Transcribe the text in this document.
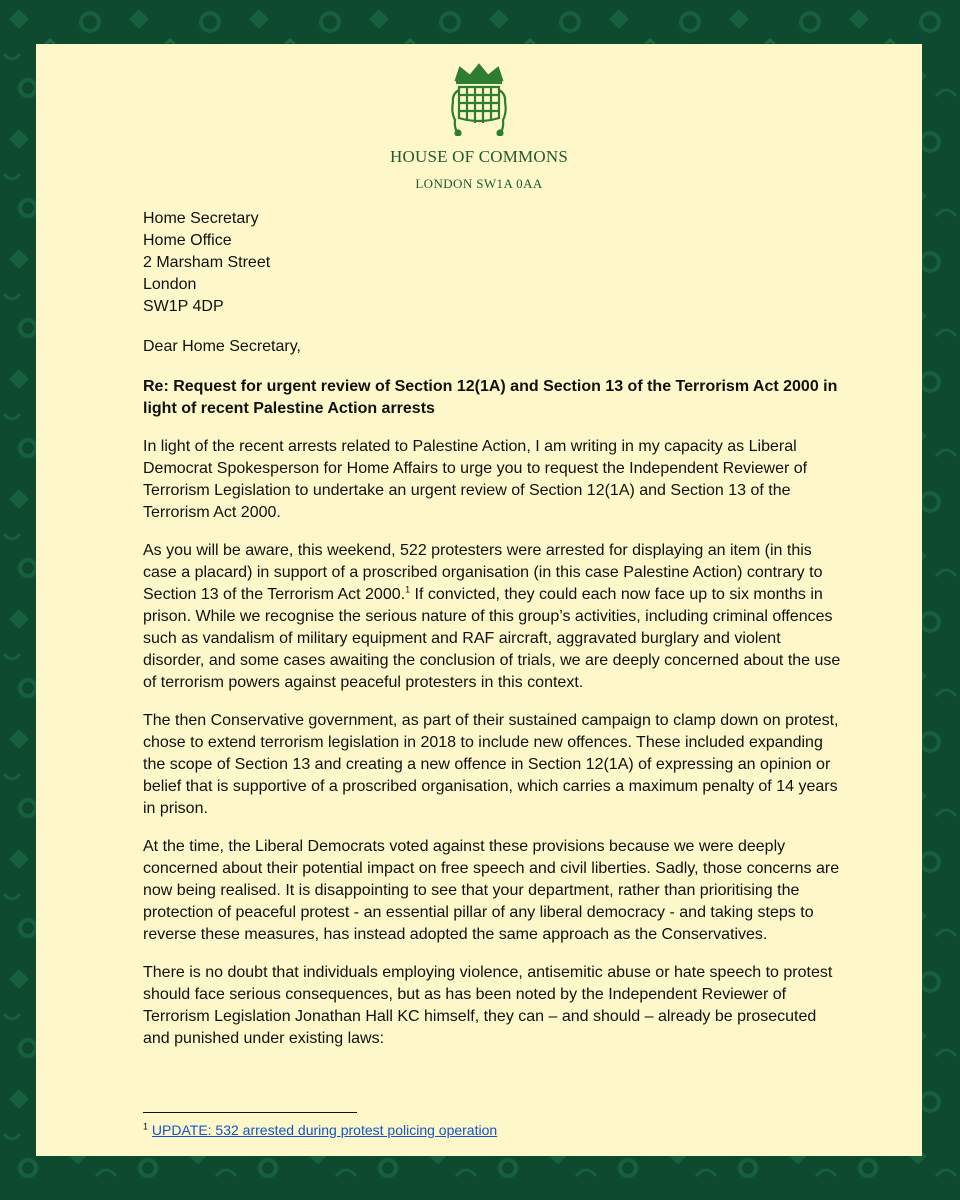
HOUSE OF COMMONS
LONDON SW1A 0AA
Home Secretary
Home Office
2 Marsham Street
London
SW1P 4DP
Dear Home Secretary,
Re: Request for urgent review of Section 12(1A) and Section 13 of the Terrorism Act 2000 in light of recent Palestine Action arrests
In light of the recent arrests related to Palestine Action, I am writing in my capacity as Liberal Democrat Spokesperson for Home Affairs to urge you to request the Independent Reviewer of Terrorism Legislation to undertake an urgent review of Section 12(1A) and Section 13 of the Terrorism Act 2000.
As you will be aware, this weekend, 522 protesters were arrested for displaying an item (in this case a placard) in support of a proscribed organisation (in this case Palestine Action) contrary to Section 13 of the Terrorism Act 2000.$^1$ If convicted, they could each now face up to six months in prison. While we recognise the serious nature of this group’s activities, including criminal offences such as vandalism of military equipment and RAF aircraft, aggravated burglary and violent disorder, and some cases awaiting the conclusion of trials, we are deeply concerned about the use of terrorism powers against peaceful protesters in this context.
The then Conservative government, as part of their sustained campaign to clamp down on protest, chose to extend terrorism legislation in 2018 to include new offences. These included expanding the scope of Section 13 and creating a new offence in Section 12(1A) of expressing an opinion or belief that is supportive of a proscribed organisation, which carries a maximum penalty of 14 years in prison.
At the time, the Liberal Democrats voted against these provisions because we were deeply concerned about their potential impact on free speech and civil liberties. Sadly, those concerns are now being realised. It is disappointing to see that your department, rather than prioritising the protection of peaceful protest - an essential pillar of any liberal democracy - and taking steps to reverse these measures, has instead adopted the same approach as the Conservatives.
There is no doubt that individuals employing violence, antisemitic abuse or hate speech to protest should face serious consequences, but as has been noted by the Independent Reviewer of Terrorism Legislation Jonathan Hall KC himself, they can – and should – already be prosecuted and punished under existing laws:
$^1$ UPDATE: 532 arrested during protest policing operation
